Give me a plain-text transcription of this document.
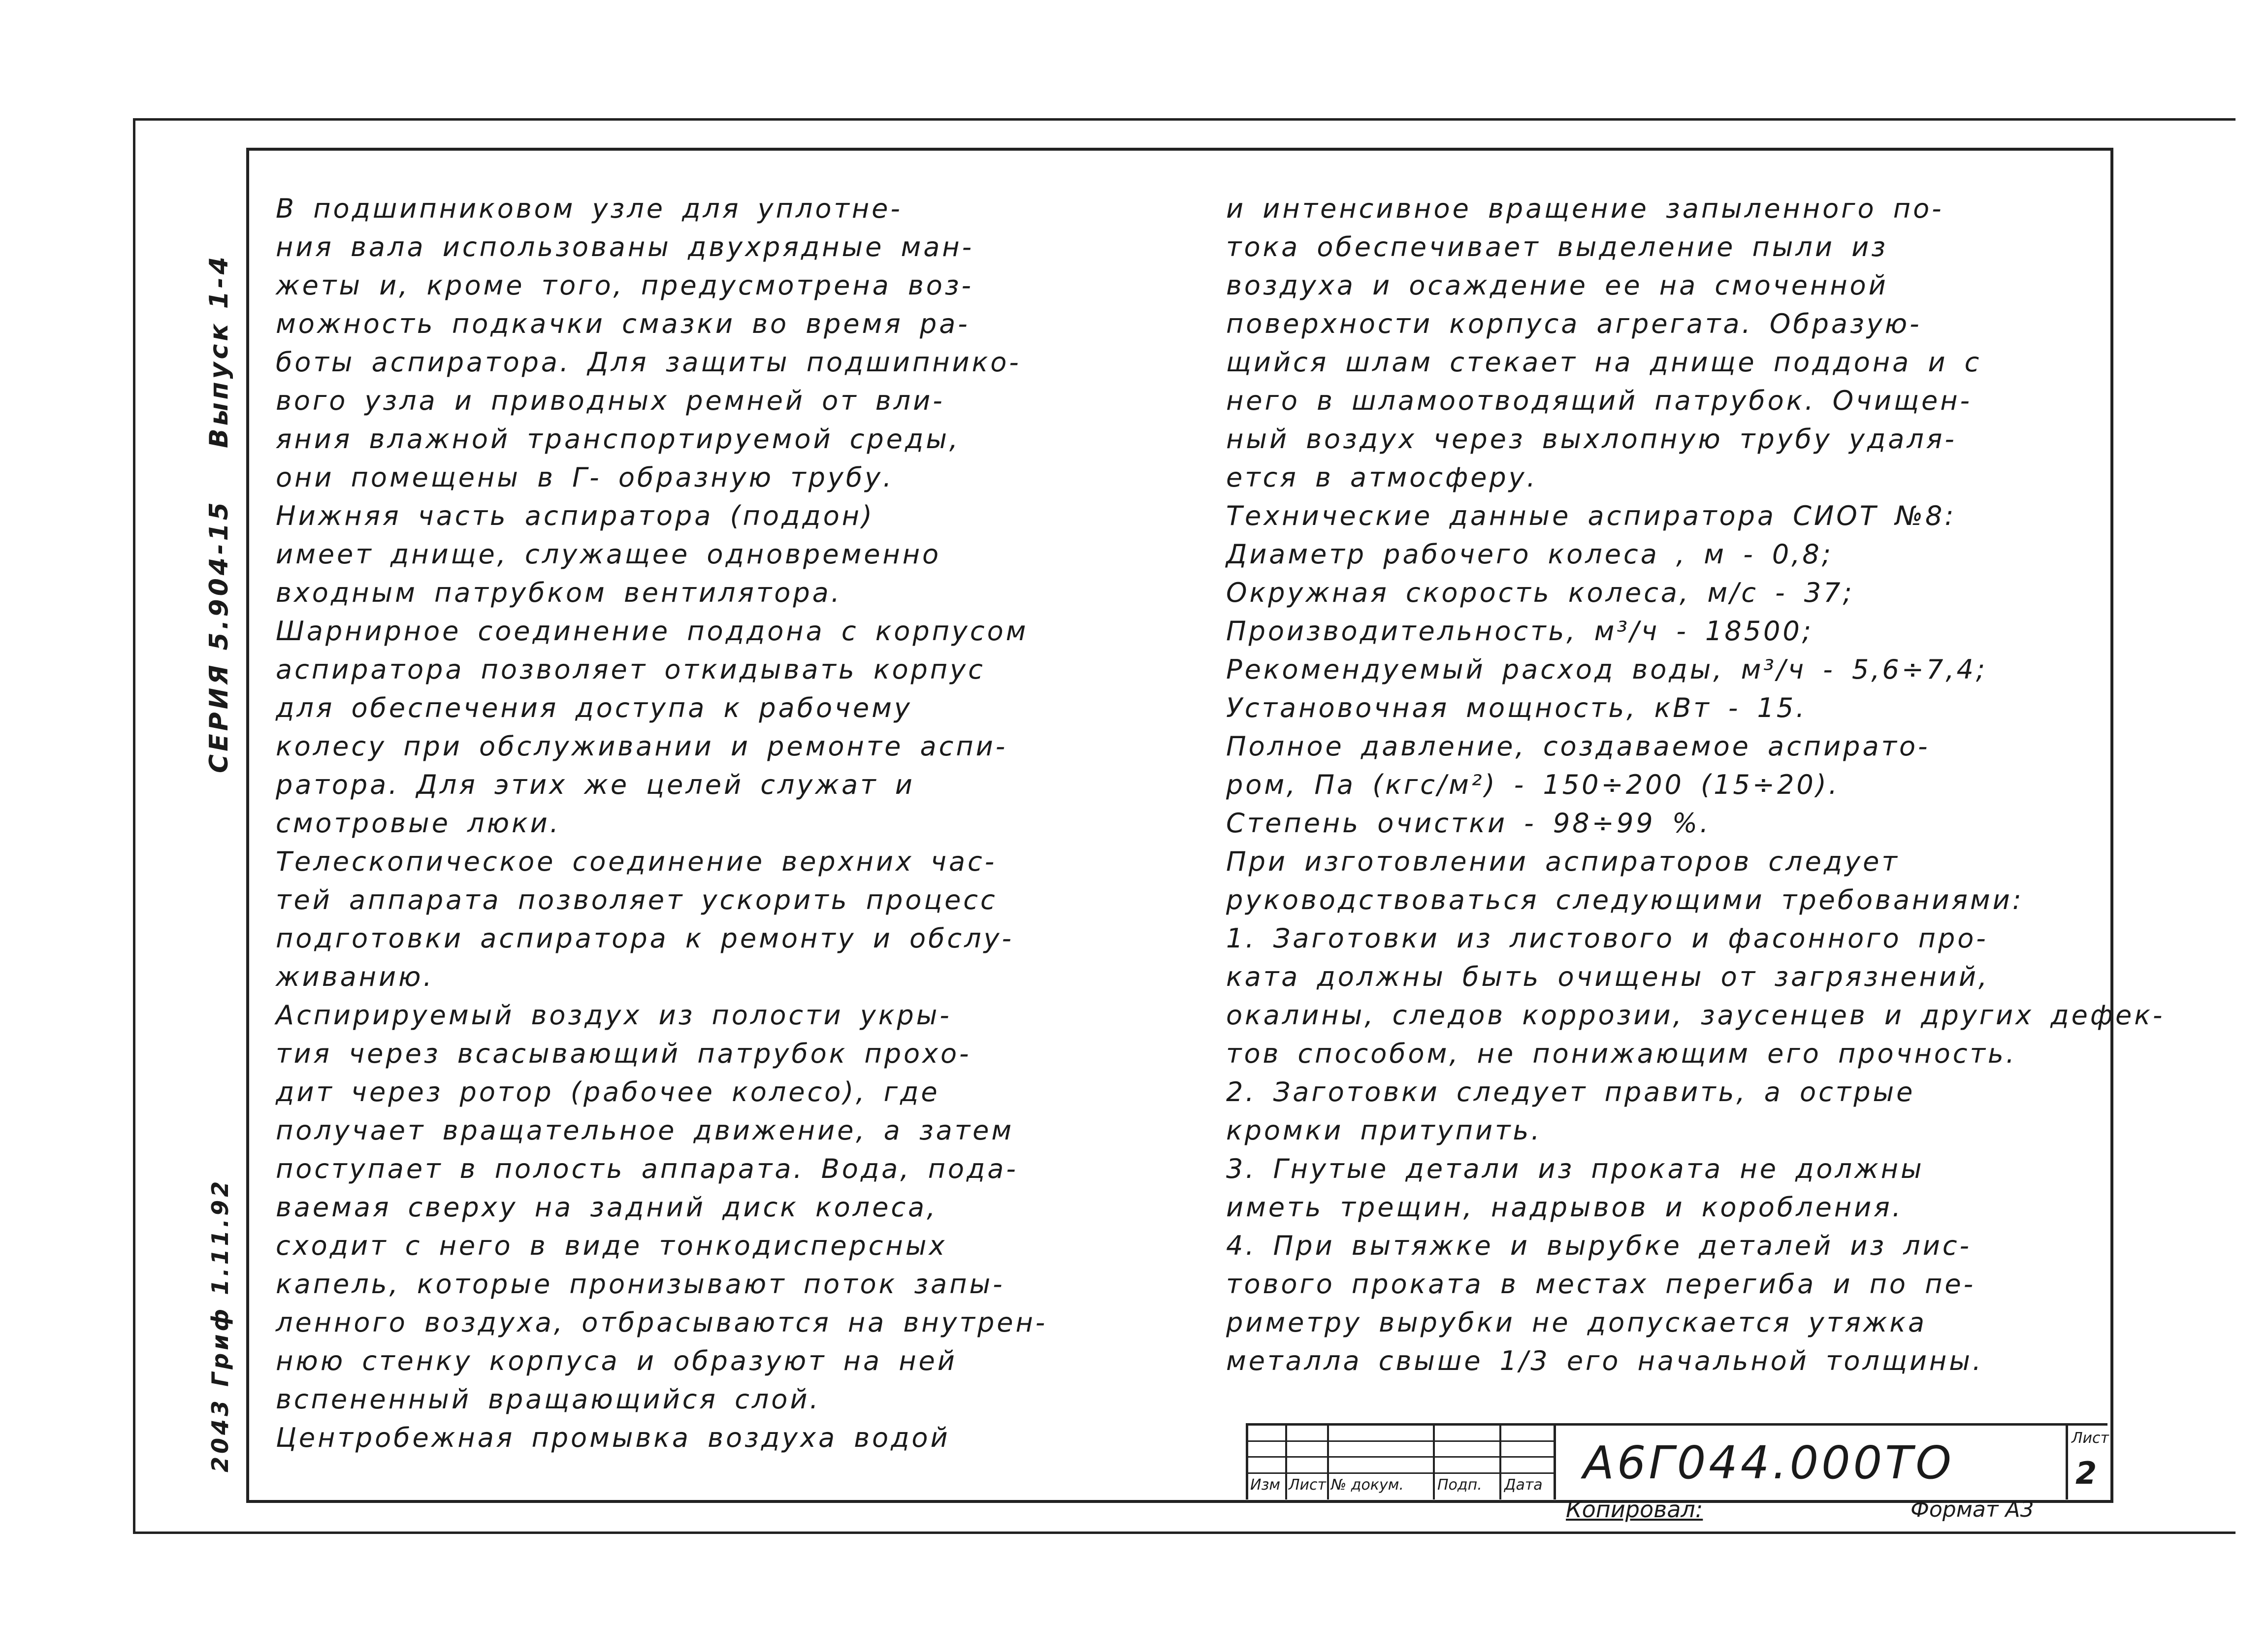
СЕРИЯ 5.904-15
Выпуск 1-4
2043 Гриф 1.11.92
В подшипниковом узле для уплотне-
ния вала использованы двухрядные ман-
жеты и, кроме того, предусмотрена воз-
можность подкачки смазки во время ра-
боты аспиратора. Для защиты подшипнико-
вого узла и приводных ремней от вли-
яния влажной транспортируемой среды,
они помещены в Г- образную трубу.
Нижняя часть аспиратора (поддон)
имеет днище, служащее одновременно
входным патрубком вентилятора.
Шарнирное соединение поддона с корпусом
аспиратора позволяет откидывать корпус
для обеспечения доступа к рабочему
колесу при обслуживании и ремонте аспи-
ратора. Для этих же целей служат и
смотровые люки.
Телескопическое соединение верхних час-
тей аппарата позволяет ускорить процесс
подготовки аспиратора к ремонту и обслу-
живанию.
Аспирируемый воздух из полости укры-
тия через всасывающий патрубок прохо-
дит через ротор (рабочее колесо), где
получает вращательное движение, а затем
поступает в полость аппарата. Вода, пода-
ваемая сверху на задний диск колеса,
сходит с него в виде тонкодисперсных
капель, которые пронизывают поток запы-
ленного воздуха, отбрасываются на внутрен-
нюю стенку корпуса и образуют на ней
вспененный вращающийся слой.
Центробежная промывка воздуха водой
и интенсивное вращение запыленного по-
тока обеспечивает выделение пыли из
воздуха и осаждение ее на смоченной
поверхности корпуса агрегата. Образую-
щийся шлам стекает на днище поддона и с
него в шламоотводящий патрубок. Очищен-
ный воздух через выхлопную трубу удаля-
ется в атмосферу.
Технические данные аспиратора СИОТ №8:
Диаметр рабочего колеса , м - 0,8;
Окружная скорость колеса, м/с - 37;
Производительность, м³/ч - 18500;
Рекомендуемый расход воды, м³/ч - 5,6÷7,4;
Установочная мощность, кВт - 15.
Полное давление, создаваемое аспирато-
ром, Па (кгс/м²) - 150÷200 (15÷20).
Степень очистки - 98÷99 %.
При изготовлении аспираторов следует
руководствоваться следующими требованиями:
1. Заготовки из листового и фасонного про-
ката должны быть очищены от загрязнений,
окалины, следов коррозии, заусенцев и других дефек-
тов способом, не понижающим его прочность.
2. Заготовки следует править, а острые
кромки притупить.
3. Гнутые детали из проката не должны
иметь трещин, надрывов и коробления.
4. При вытяжке и вырубке деталей из лис-
тового проката в местах перегиба и по пе-
риметру вырубки не допускается утяжка
металла свыше 1/3 его начальной толщины.
Изм Лист № докум. Подп. Дата А6Г044.000ТО	Лист
2
Копировал:	Формат А3
